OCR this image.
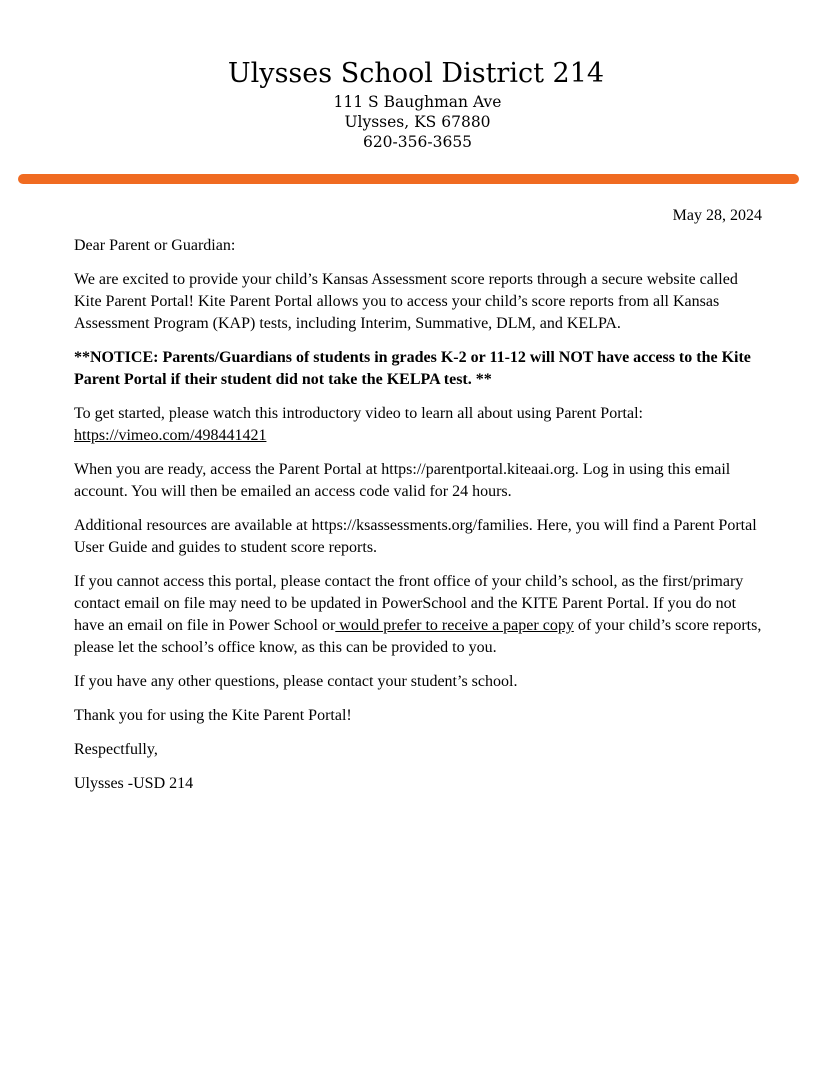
Ulysses School District 214
111 S Baughman Ave
Ulysses, KS 67880
620-356-3655
May 28, 2024

Dear Parent or Guardian:

We are excited to provide your child’s Kansas Assessment score reports through a secure website called Kite Parent Portal! Kite Parent Portal allows you to access your child’s score reports from all Kansas Assessment Program (KAP) tests, including Interim, Summative, DLM, and KELPA.

**NOTICE: Parents/Guardians of students in grades K-2 or 11-12 will NOT have access to the Kite Parent Portal if their student did not take the KELPA test. **

To get started, please watch this introductory video to learn all about using Parent Portal:
https://vimeo.com/498441421

When you are ready, access the Parent Portal at https://parentportal.kiteaai.org. Log in using this email account. You will then be emailed an access code valid for 24 hours.

Additional resources are available at https://ksassessments.org/families. Here, you will find a Parent Portal User Guide and guides to student score reports.

If you cannot access this portal, please contact the front office of your child’s school, as the first/primary contact email on file may need to be updated in PowerSchool and the KITE Parent Portal. If you do not have an email on file in Power School or would prefer to receive a paper copy of your child’s score reports, please let the school’s office know, as this can be provided to you.

If you have any other questions, please contact your student’s school.

Thank you for using the Kite Parent Portal!

Respectfully,

Ulysses -USD 214
